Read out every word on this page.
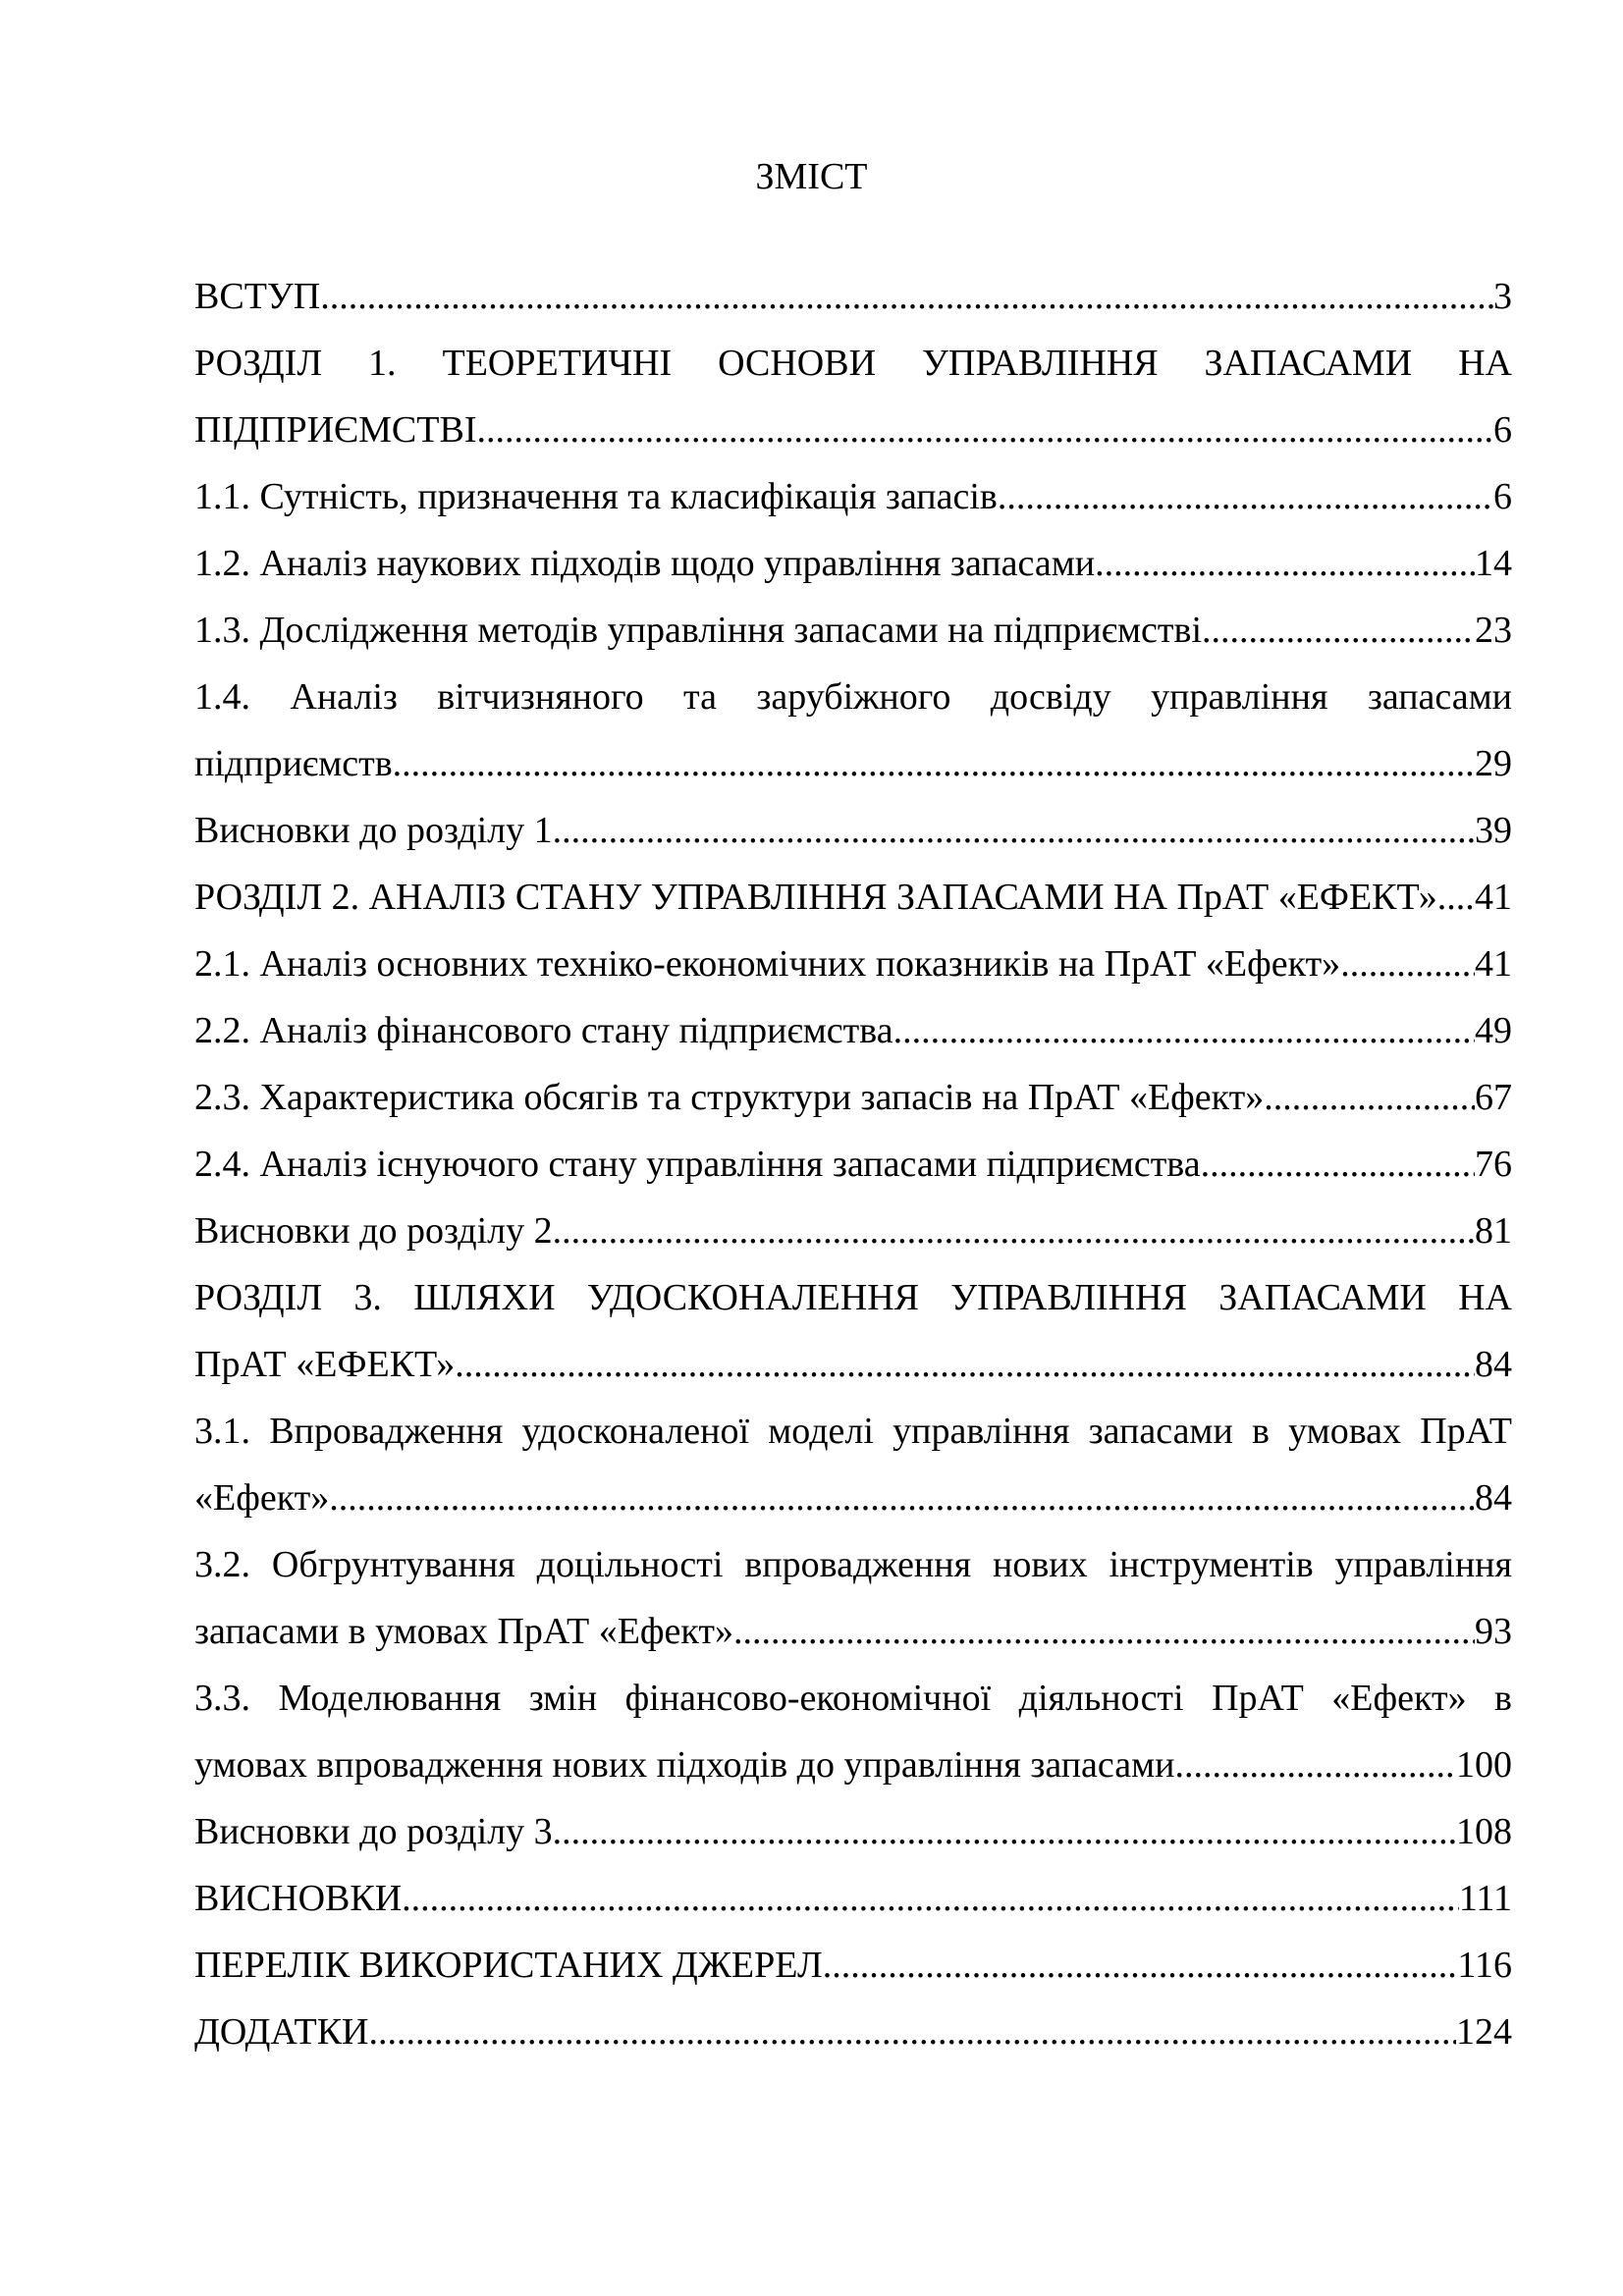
ЗМІСТ
ВСТУП .....	3
РОЗДІЛ 1. ТЕОРЕТИЧНІ ОСНОВИ УПРАВЛІННЯ ЗАПАСАМИ НА
ПІДПРИЄМСТВІ .....	6
1.1. Сутність, призначення та класифікація запасів .....	6
1.2. Аналіз наукових підходів щодо управління запасами .....	14
1.3. Дослідження методів управління запасами на підприємстві .....	23
1.4. Аналіз вітчизняного та зарубіжного досвіду управління запасами
підприємств .....	29
Висновки до розділу 1 .....	39
РОЗДІЛ 2. АНАЛІЗ СТАНУ УПРАВЛІННЯ ЗАПАСАМИ НА ПрАТ «ЕФЕКТ» ..... 41
2.1. Аналіз основних техніко-економічних показників на ПрАТ «Ефект» .....	41
2.2. Аналіз фінансового стану підприємства .....	49
2.3. Характеристика обсягів та структури запасів на ПрАТ «Ефект» .....	67
2.4. Аналіз існуючого стану управління запасами підприємства .....	76
Висновки до розділу 2 .....	81
РОЗДІЛ 3. ШЛЯХИ УДОСКОНАЛЕННЯ УПРАВЛІННЯ ЗАПАСАМИ НА
ПрАТ «ЕФЕКТ» .....	84
3.1. Впровадження удосконаленої моделі управління запасами в умовах ПрАТ
«Ефект» .....	84
3.2. Обгрунтування доцільності впровадження нових інструментів управління
запасами в умовах ПрАТ «Ефект» .....	93
3.3. Моделювання змін фінансово-економічної діяльності ПрАТ «Ефект» в
умовах впровадження нових підходів до управління запасами .....	100
Висновки до розділу 3 .....	108
ВИСНОВКИ .....	111
ПЕРЕЛІК ВИКОРИСТАНИХ ДЖЕРЕЛ .....	116
ДОДАТКИ .....	124
